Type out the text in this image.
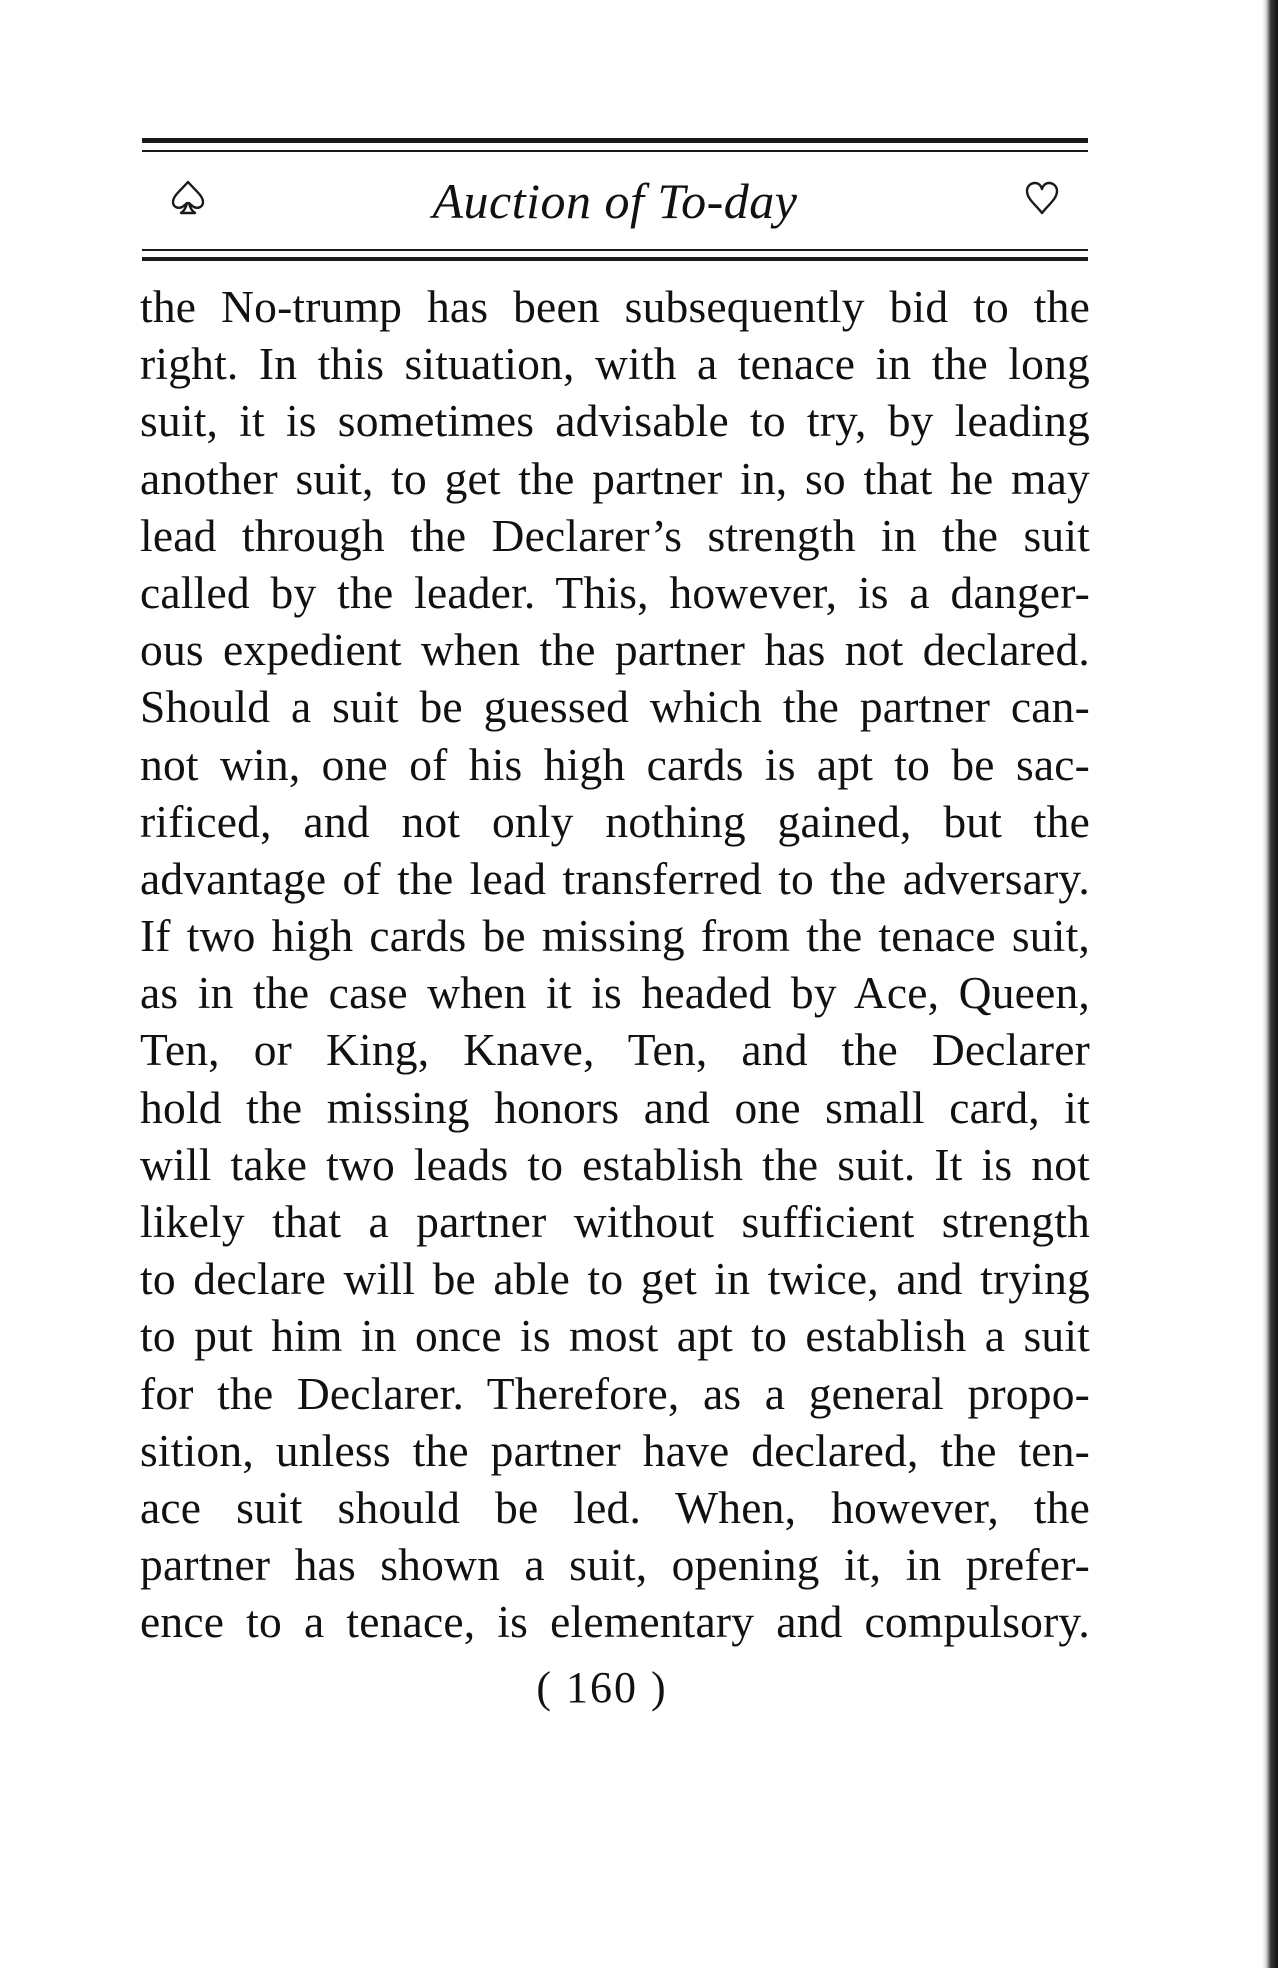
Auction of To-day
the No-trump has been subsequently bid to the
right. In this situation, with a tenace in the long
suit, it is sometimes advisable to try, by leading
another suit, to get the partner in, so that he may
lead through the Declarer’s strength in the suit
called by the leader. This, however, is a danger-
ous expedient when the partner has not declared.
Should a suit be guessed which the partner can-
not win, one of his high cards is apt to be sac-
rificed, and not only nothing gained, but the
advantage of the lead transferred to the adversary.
If two high cards be missing from the tenace suit,
as in the case when it is headed by Ace, Queen,
Ten, or King, Knave, Ten, and the Declarer
hold the missing honors and one small card, it
will take two leads to establish the suit. It is not
likely that a partner without sufficient strength
to declare will be able to get in twice, and trying
to put him in once is most apt to establish a suit
for the Declarer. Therefore, as a general propo-
sition, unless the partner have declared, the ten-
ace suit should be led. When, however, the
partner has shown a suit, opening it, in prefer-
ence to a tenace, is elementary and compulsory.
( 160 )
